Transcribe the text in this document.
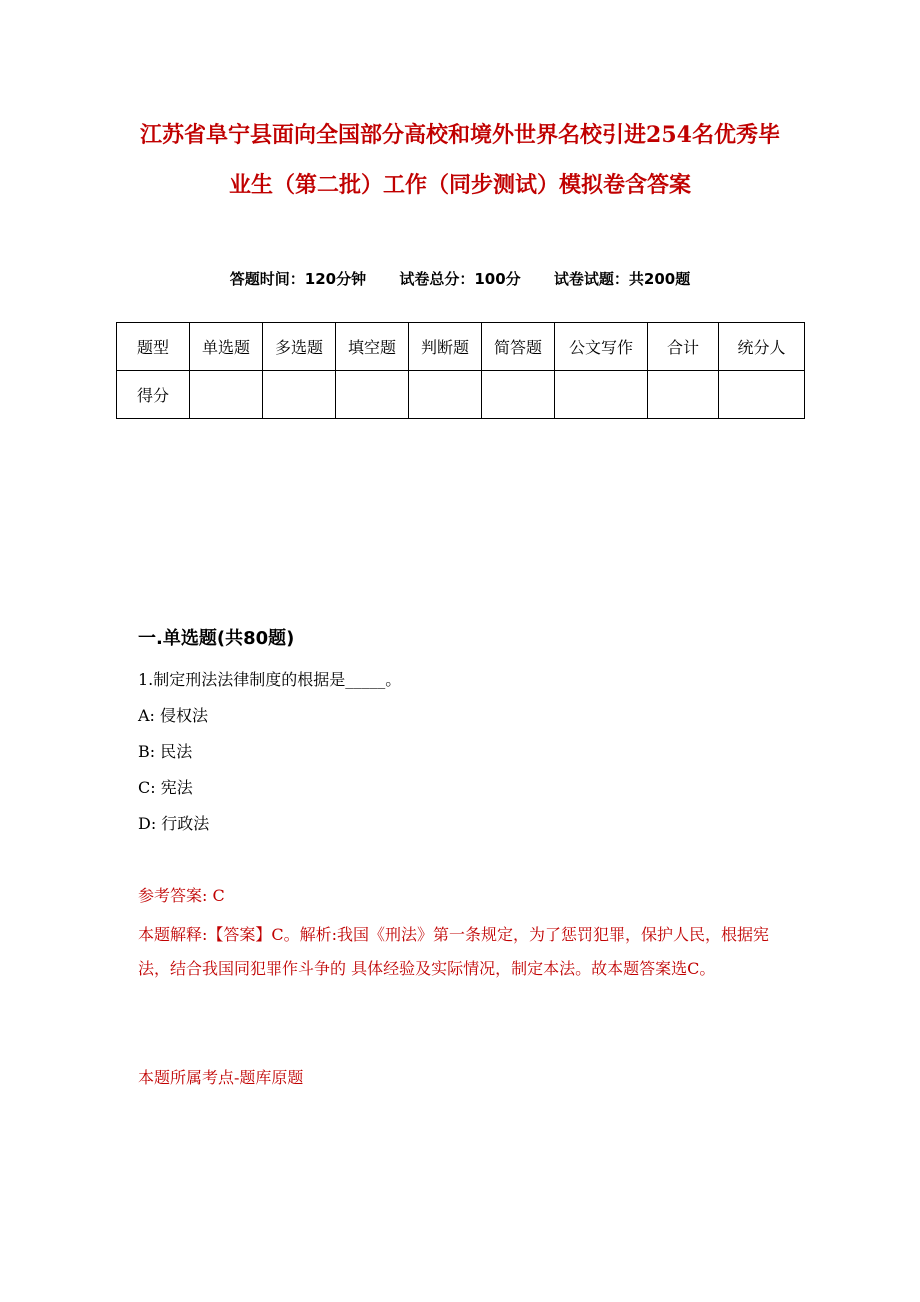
江苏省阜宁县面向全国部分高校和境外世界名校引进254名优秀毕

业生（第二批）工作（同步测试）模拟卷含答案

答题时间：120分钟 试卷总分：100分 试卷试题：共200题
题型	单选题	多选题	填空题	判断题	简答题	公文写作	合计	统分人
得分								
一.单选题(共80题)
1.制定刑法法律制度的根据是_____。
A: 侵权法
B: 民法
C: 宪法
D: 行政法
参考答案: C
本题解释:【答案】C。解析:我国《刑法》第一条规定，为了惩罚犯罪，保护人民，根据宪法，结合我国同犯罪作斗争的 具体经验及实际情况，制定本法。故本题答案选C。
本题所属考点-题库原题
